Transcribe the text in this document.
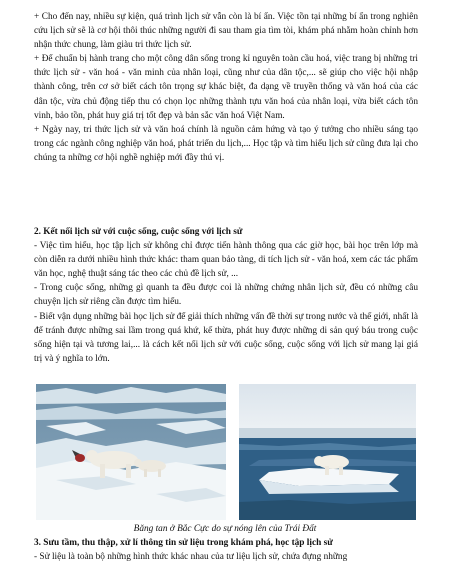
+ Cho đến nay, nhiều sự kiện, quá trình lịch sử vẫn còn là bí ẩn. Việc tồn tại những bí ẩn trong nghiên cứu lịch sử sẽ là cơ hội thôi thúc những người đi sau tham gia tìm tòi, khám phá nhằm hoàn chỉnh hơn nhận thức chung, làm giàu tri thức lịch sử.

+ Để chuẩn bị hành trang cho một công dân sống trong kỉ nguyên toàn cầu hoá, việc trang bị những tri thức lịch sử - văn hoá - văn minh của nhân loại, cũng như của dân tộc,... sẽ giúp cho việc hội nhập thành công, trên cơ sở biết cách tôn trọng sự khác biệt, đa dạng về truyền thống và văn hoá của các dân tộc, vừa chủ động tiếp thu có chọn lọc những thành tựu văn hoá của nhân loại, vừa biết cách tôn vinh, bảo tồn, phát huy giá trị tốt đẹp và bản sắc văn hoá Việt Nam.

+ Ngày nay, tri thức lịch sử và văn hoá chính là nguồn cảm hứng và tạo ý tưởng cho nhiều sáng tạo trong các ngành công nghiệp văn hoá, phát triển du lịch,... Học tập và tìm hiểu lịch sử cũng đưa lại cho chúng ta những cơ hội nghề nghiệp mới đầy thú vị.

2. Kết nối lịch sử với cuộc sống, cuộc sống với lịch sử

- Việc tìm hiểu, học tập lịch sử không chỉ được tiến hành thông qua các giờ học, bài học trên lớp mà còn diễn ra dưới nhiều hình thức khác: tham quan bảo tàng, di tích lịch sử - văn hoá, xem các tác phẩm văn học, nghệ thuật sáng tác theo các chủ đề lịch sử, ...

- Trong cuộc sống, những gì quanh ta đều được coi là những chứng nhân lịch sử, đều có những câu chuyện lịch sử riêng cần được tìm hiểu.

- Biết vận dụng những bài học lịch sử để giải thích những vấn đề thời sự trong nước và thế giới, nhất là để tránh được những sai lầm trong quá khứ, kế thừa, phát huy được những di sản quý báu trong cuộc sống hiện tại và tương lai,... là cách kết nối lịch sử với cuộc sống, cuộc sống với lịch sử mang lại giá trị và ý nghĩa to lớn.

Băng tan ở Bắc Cực do sự nóng lên của Trái Đất

3. Sưu tầm, thu thập, xử lí thông tin sử liệu trong khám phá, học tập lịch sử

- Sử liệu là toàn bộ những hình thức khác nhau của tư liệu lịch sử, chứa đựng những
